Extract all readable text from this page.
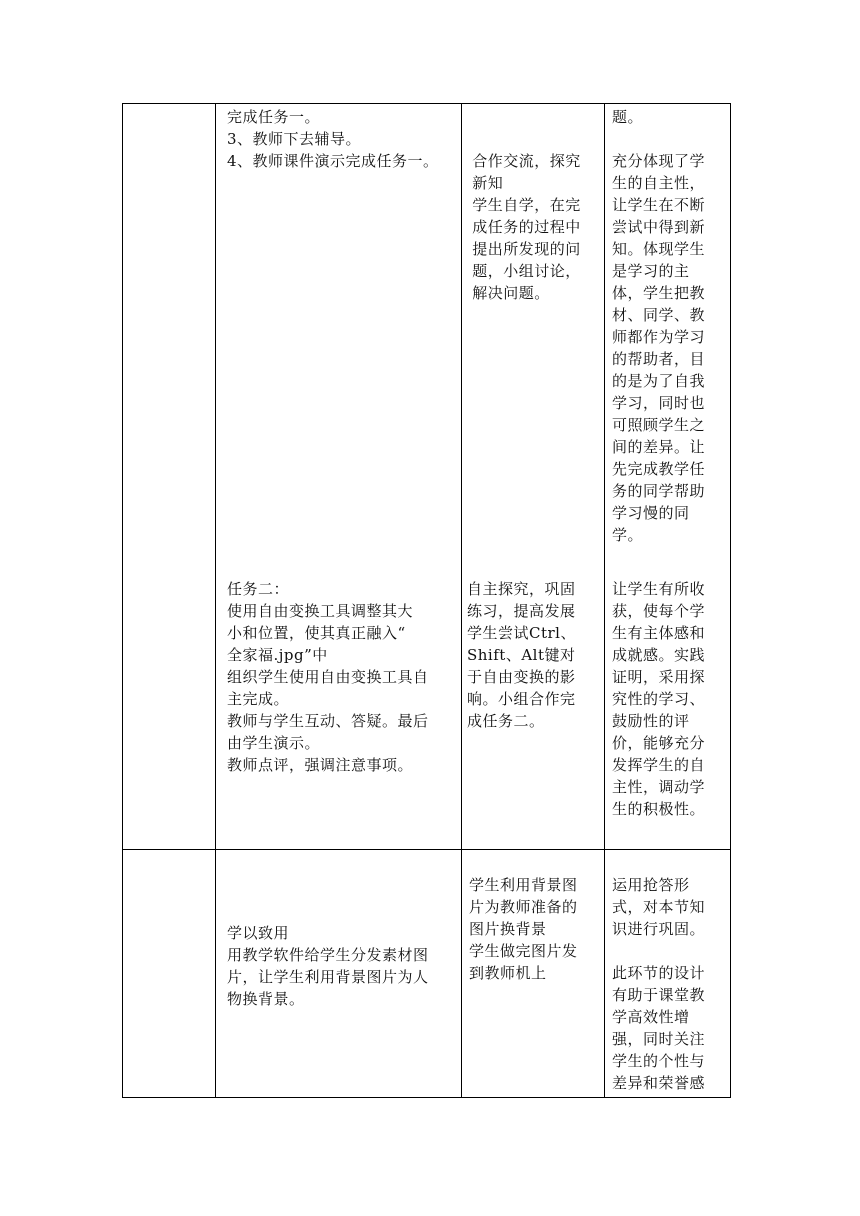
完成任务一。

3、教师下去辅导。

4、教师课件演示完成任务一。

任务二：

使用自由变换工具调整其大

小和位置，使其真正融入“

全家福.jpg”中

组织学生使用自由变换工具自

主完成。

教师与学生互动、答疑。最后

由学生演示。

教师点评，强调注意事项。

合作交流，探究

新知

学生自学，在完

成任务的过程中

提出所发现的问

题，小组讨论，

解决问题。

自主探究，巩固

练习，提高发展

学生尝试Ctrl、

Shift、Alt键对

于自由变换的影

响。小组合作完

成任务二。

题。

充分体现了学

生的自主性，

让学生在不断

尝试中得到新

知。体现学生

是学习的主

体，学生把教

材、同学、教

师都作为学习

的帮助者，目

的是为了自我

学习，同时也

可照顾学生之

间的差异。让

先完成教学任

务的同学帮助

学习慢的同

学。

让学生有所收

获，使每个学

生有主体感和

成就感。实践

证明，采用探

究性的学习、

鼓励性的评

价，能够充分

发挥学生的自

主性，调动学

生的积极性。

学以致用

用教学软件给学生分发素材图

片，让学生利用背景图片为人

物换背景。

学生利用背景图

片为教师准备的

图片换背景

学生做完图片发

到教师机上

运用抢答形

式，对本节知

识进行巩固。

此环节的设计

有助于课堂教

学高效性增

强，同时关注

学生的个性与

差异和荣誉感
